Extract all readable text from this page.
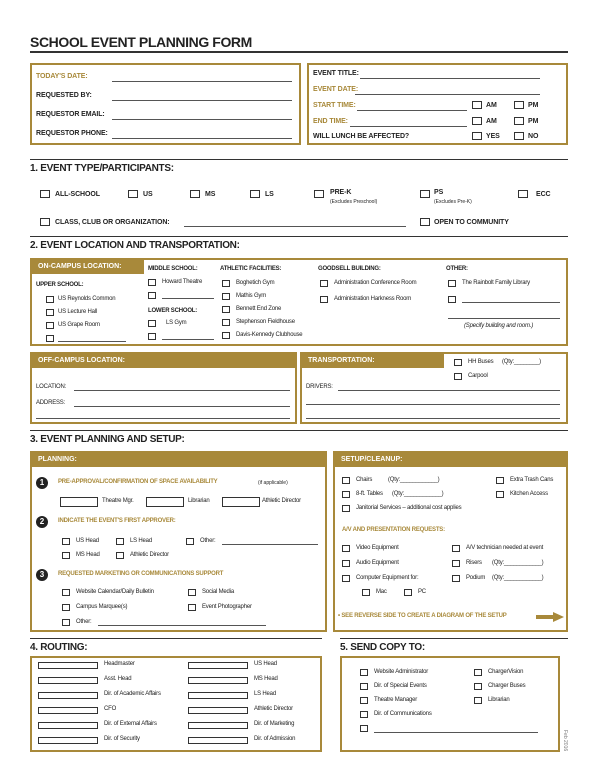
SCHOOL EVENT PLANNING FORM
TODAY'S DATE:
REQUESTED BY:
REQUESTOR EMAIL:
REQUESTOR PHONE:
EVENT TITLE:
EVENT DATE:
START TIME:	AM	PM
END TIME:	AM	PM
WILL LUNCH BE AFFECTED?	YES	NO
1. EVENT TYPE/PARTICIPANTS:
ALL-SCHOOL	US	MS	LS	PRE-K
(Excludes Preschool)
PS
(Excludes Pre-K)
ECC
CLASS, CLUB OR ORGANIZATION:	OPEN TO COMMUNITY
2. EVENT LOCATION AND TRANSPORTATION:
ON-CAMPUS LOCATION:
UPPER SCHOOL:
US Reynolds Common
US Lecture Hall
US Grape Room
MIDDLE SCHOOL:
Howard Theatre
LOWER SCHOOL:
LS Gym
ATHLETIC FACILITIES:
Boghetich Gym
Mathis Gym
Bennett End Zone
Stephenson Fieldhouse
Davis-Kennedy Clubhouse
GOODSELL BUILDING:
Administration Conference Room
Administration Harkness Room
OTHER:
The Rainbolt Family Library
(Specify building and room.)
OFF-CAMPUS LOCATION:
LOCATION:
ADDRESS:
TRANSPORTATION:	HH Buses (Qty:________)
Carpool
DRIVERS:
3. EVENT PLANNING AND SETUP:
PLANNING:
1	PRE-APPROVAL/CONFIRMATION OF SPACE AVAILABILITY	(if applicable)
Theatre Mgr.	Librarian	Athletic Director
2	INDICATE THE EVENT'S FIRST APPROVER:
US Head	LS Head	Other:
MS Head	Athletic Director
3	REQUESTED MARKETING OR COMMUNICATIONS SUPPORT
Website Calendar/Daily Bulletin	Social Media
Campus Marquee(s)	Event Photographer
Other:
SETUP/CLEANUP:
Chairs	(Qty:____________)	Extra Trash Cans
8-ft. Tables (Qty:____________)	Kitchen Access
Janitorial Services – additional cost applies
A/V AND PRESENTATION REQUESTS:
Video Equipment	A/V technician needed at event
Audio Equipment	Risers (Qty:____________)
Computer Equipment for:	Podium (Qty:____________)
Mac	PC
• SEE REVERSE SIDE TO CREATE A DIAGRAM OF THE SETUP
4. ROUTING:
Headmaster
Asst. Head
Dir. of Academic Affairs
CFO
Dir. of External Affairs
Dir. of Security
US Head
MS Head
LS Head
Athletic Director
Dir. of Marketing
Dir. of Admission
5. SEND COPY TO:
Website Administrator
Dir. of Special Events
Theatre Manager
Dir. of Communications
ChargerVision
Charger Buses
Librarian
Feb 2016
